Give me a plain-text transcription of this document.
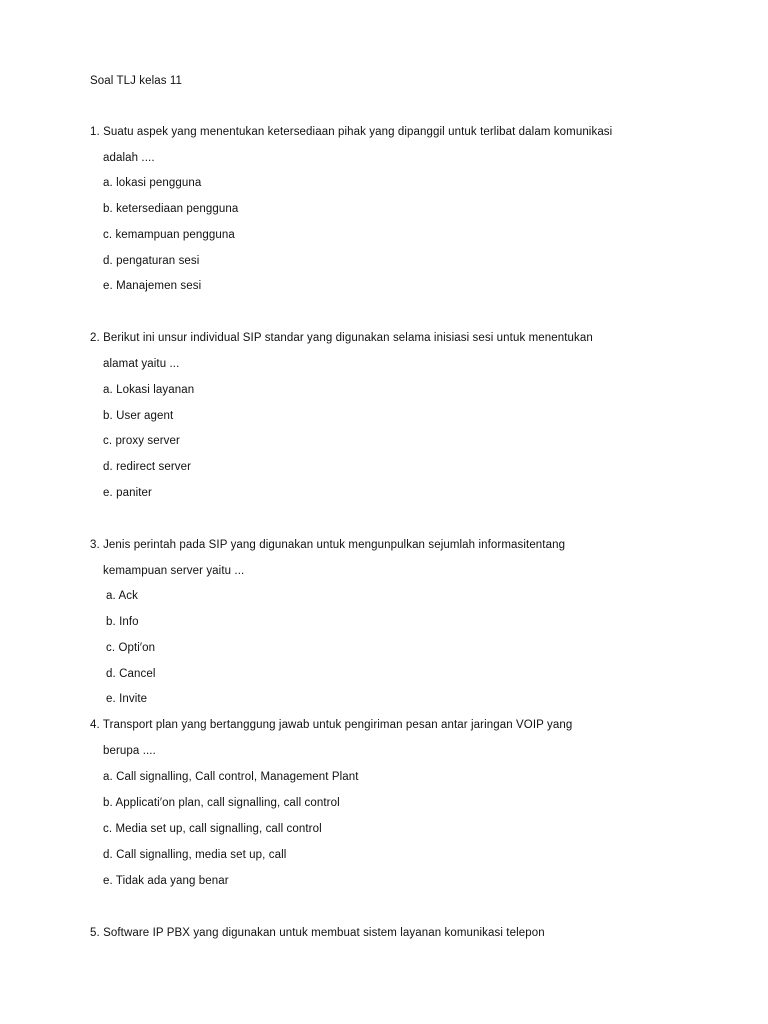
Soal TLJ kelas 11
1. Suatu aspek yang menentukan ketersediaan pihak yang dipanggil untuk terlibat dalam komunikasi
adalah ....
a. lokasi pengguna
b. ketersediaan pengguna
c. kemampuan pengguna
d. pengaturan sesi
e. Manajemen sesi
2. Berikut ini unsur individual SIP standar yang digunakan selama inisiasi sesi untuk menentukan
alamat yaitu ...
a. Lokasi layanan
b. User agent
c. proxy server
d. redirect server
e. paniter
3. Jenis perintah pada SIP yang digunakan untuk mengunpulkan sejumlah informasitentang
kemampuan server yaitu ...
a. Ack
b. Info
c. Opti′on
d. Cancel
e. Invite
4. Transport plan yang bertanggung jawab untuk pengiriman pesan antar jaringan VOIP yang
berupa ....
a. Call signalling, Call control, Management Plant
b. Applicati′on plan, call signalling, call control
c. Media set up, call signalling, call control
d. Call signalling, media set up, call
e. Tidak ada yang benar
5. Software IP PBX yang digunakan untuk membuat sistem layanan komunikasi telepon
